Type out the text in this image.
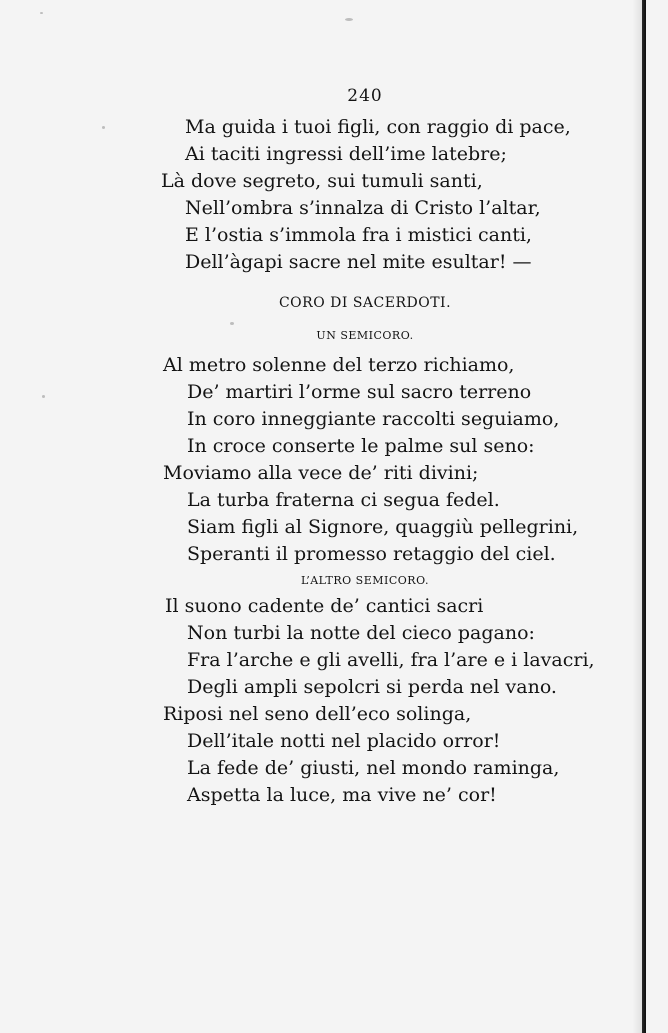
240
Ma guida i tuoi figli, con raggio di pace,
Ai taciti ingressi dell’ime latebre;
Là dove segreto, sui tumuli santi,
Nell’ombra s’innalza di Cristo l’altar,
E l’ostia s’immola fra i mistici canti,
Dell’àgapi sacre nel mite esultar! —
CORO DI SACERDOTI.
UN SEMICORO.
Al metro solenne del terzo richiamo,
De’ martiri l’orme sul sacro terreno
In coro inneggiante raccolti seguiamo,
In croce conserte le palme sul seno:
Moviamo alla vece de’ riti divini;
La turba fraterna ci segua fedel.
Siam figli al Signore, quaggiù pellegrini,
Speranti il promesso retaggio del ciel.
L’ALTRO SEMICORO.
Il suono cadente de’ cantici sacri
Non turbi la notte del cieco pagano:
Fra l’arche e gli avelli, fra l’are e i lavacri,
Degli ampli sepolcri si perda nel vano.
Riposi nel seno dell’eco solinga,
Dell’itale notti nel placido orror!
La fede de’ giusti, nel mondo raminga,
Aspetta la luce, ma vive ne’ cor!
